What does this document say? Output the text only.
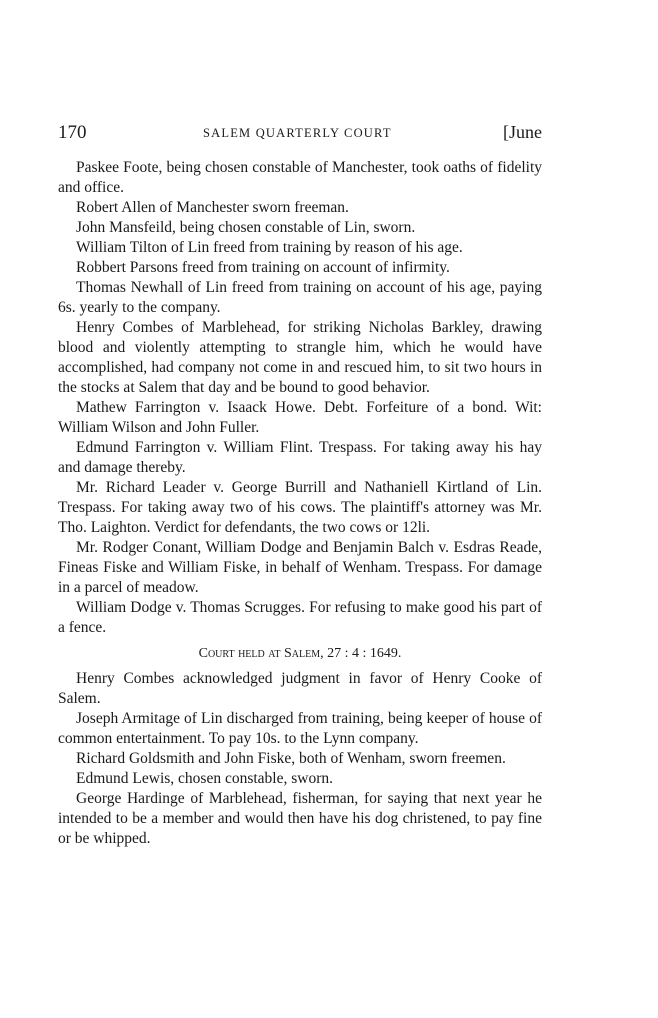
170	SALEM QUARTERLY COURT	[June

Paskee Foote, being chosen constable of Manchester, took oaths of fidelity and office.

Robert Allen of Manchester sworn freeman.

John Mansfeild, being chosen constable of Lin, sworn.

William Tilton of Lin freed from training by reason of his age.

Robbert Parsons freed from training on account of infirmity.

Thomas Newhall of Lin freed from training on account of his age, paying 6s. yearly to the company.

Henry Combes of Marblehead, for striking Nicholas Barkley, drawing blood and violently attempting to strangle him, which he would have accomplished, had company not come in and rescued him, to sit two hours in the stocks at Salem that day and be bound to good behavior.

Mathew Farrington v. Isaack Howe. Debt. Forfeiture of a bond. Wit: William Wilson and John Fuller.

Edmund Farrington v. William Flint. Trespass. For taking away his hay and damage thereby.

Mr. Richard Leader v. George Burrill and Nathaniell Kirtland of Lin. Trespass. For taking away two of his cows. The plaintiff's attorney was Mr. Tho. Laighton. Verdict for defendants, the two cows or 12li.

Mr. Rodger Conant, William Dodge and Benjamin Balch v. Esdras Reade, Fineas Fiske and William Fiske, in behalf of Wenham. Trespass. For damage in a parcel of meadow.

William Dodge v. Thomas Scrugges. For refusing to make good his part of a fence.

Court held at Salem, 27 : 4 : 1649.

Henry Combes acknowledged judgment in favor of Henry Cooke of Salem.

Joseph Armitage of Lin discharged from training, being keeper of house of common entertainment. To pay 10s. to the Lynn company.

Richard Goldsmith and John Fiske, both of Wenham, sworn freemen.

Edmund Lewis, chosen constable, sworn.

George Hardinge of Marblehead, fisherman, for saying that next year he intended to be a member and would then have his dog christened, to pay fine or be whipped.
